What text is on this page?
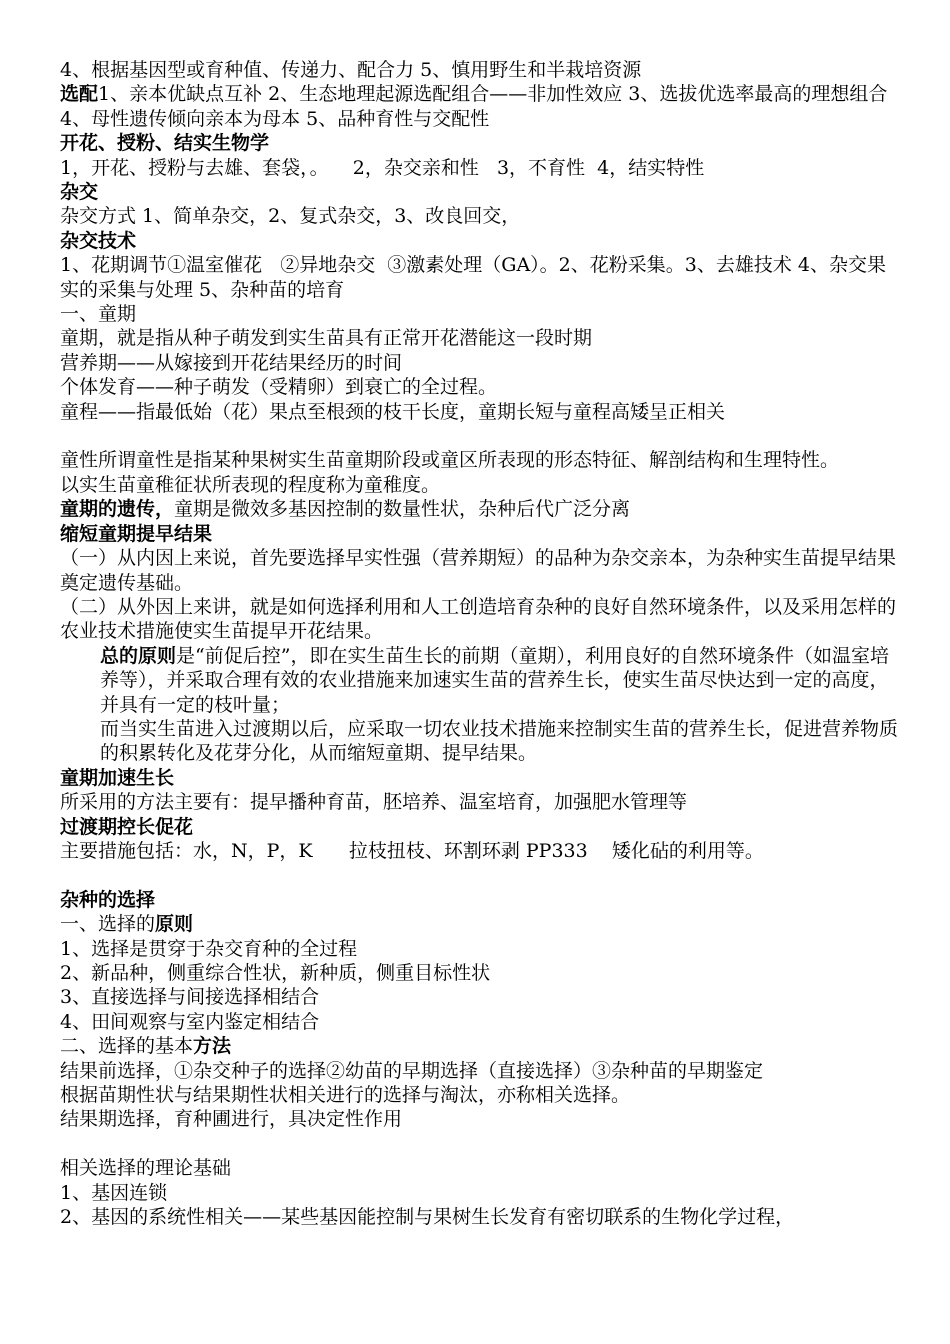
4、根据基因型或育种值、传递力、配合力 5、慎用野生和半栽培资源
选配1、亲本优缺点互补 2、生态地理起源选配组合——非加性效应 3、选拔优选率最高的理想组合 4、母性遗传倾向亲本为母本 5、品种育性与交配性
开花、授粉、结实生物学
1，开花、授粉与去雄、套袋，。    2，杂交亲和性   3，不育性  4，结实特性
杂交
杂交方式 1、简单杂交，2、复式杂交，3、改良回交，
杂交技术
1、花期调节①温室催花   ②异地杂交  ③激素处理（GA）。2、花粉采集。3、去雄技术 4、杂交果实的采集与处理 5、杂种苗的培育
一、童期
童期，就是指从种子萌发到实生苗具有正常开花潜能这一段时期
营养期——从嫁接到开花结果经历的时间
个体发育——种子萌发（受精卵）到衰亡的全过程。
童程——指最低始（花）果点至根颈的枝干长度，童期长短与童程高矮呈正相关
童性所谓童性是指某种果树实生苗童期阶段或童区所表现的形态特征、解剖结构和生理特性。
以实生苗童稚征状所表现的程度称为童稚度。
童期的遗传，童期是微效多基因控制的数量性状，杂种后代广泛分离
缩短童期提早结果
（一）从内因上来说，首先要选择早实性强（营养期短）的品种为杂交亲本，为杂种实生苗提早结果奠定遗传基础。
（二）从外因上来讲，就是如何选择利用和人工创造培育杂种的良好自然环境条件，以及采用怎样的农业技术措施使实生苗提早开花结果。
总的原则是“前促后控”，即在实生苗生长的前期（童期），利用良好的自然环境条件（如温室培养等），并采取合理有效的农业措施来加速实生苗的营养生长，使实生苗尽快达到一定的高度，并具有一定的枝叶量；
而当实生苗进入过渡期以后，应采取一切农业技术措施来控制实生苗的营养生长，促进营养物质的积累转化及花芽分化，从而缩短童期、提早结果。
童期加速生长
所采用的方法主要有：提早播种育苗，胚培养、温室培育，加强肥水管理等
过渡期控长促花
主要措施包括：水，N，P，K      拉枝扭枝、环割环剥 PP333    矮化砧的利用等。
杂种的选择
一、选择的原则
1、选择是贯穿于杂交育种的全过程
2、新品种，侧重综合性状，新种质，侧重目标性状
3、直接选择与间接选择相结合
4、田间观察与室内鉴定相结合
二、选择的基本方法
结果前选择，①杂交种子的选择②幼苗的早期选择（直接选择）③杂种苗的早期鉴定
根据苗期性状与结果期性状相关进行的选择与淘汰，亦称相关选择。
结果期选择，育种圃进行，具决定性作用
相关选择的理论基础
1、基因连锁
2、基因的系统性相关——某些基因能控制与果树生长发育有密切联系的生物化学过程，
